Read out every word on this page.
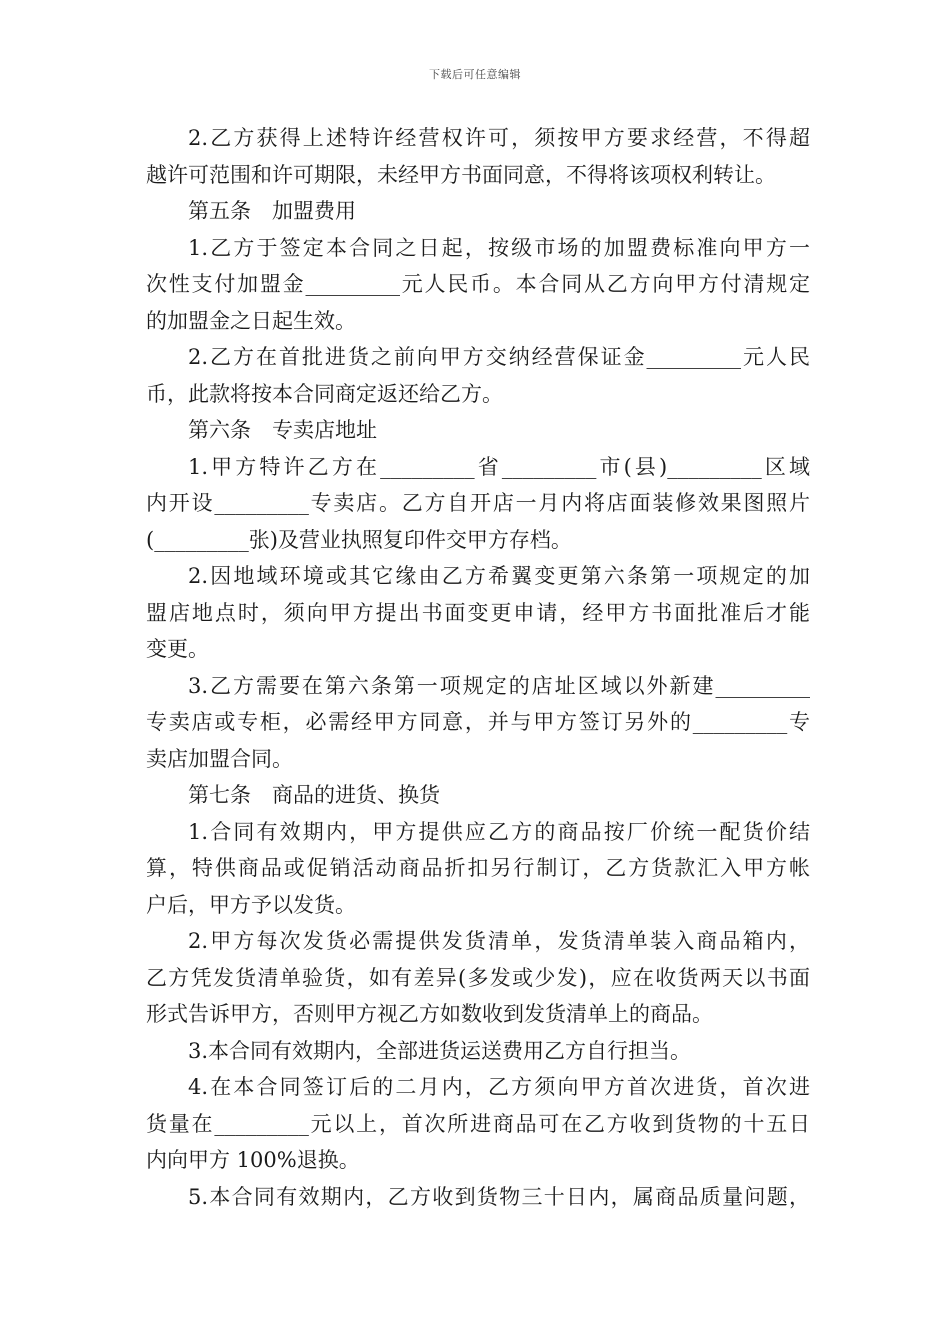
下载后可任意编辑
2.乙方获得上述特许经营权许可，须按甲方要求经营，不得超
越许可范围和许可期限，未经甲方书面同意，不得将该项权利转让。
第五条　加盟费用
1.乙方于签定本合同之日起，按级市场的加盟费标准向甲方一
次性支付加盟金_________元人民币。本合同从乙方向甲方付清规定
的加盟金之日起生效。
2.乙方在首批进货之前向甲方交纳经营保证金_________元人民
币，此款将按本合同商定返还给乙方。
第六条　专卖店地址
1.甲方特许乙方在_________省_________市(县)_________区域
内开设_________专卖店。乙方自开店一月内将店面装修效果图照片
(_________张)及营业执照复印件交甲方存档。
2.因地域环境或其它缘由乙方希翼变更第六条第一项规定的加
盟店地点时，须向甲方提出书面变更申请，经甲方书面批准后才能
变更。
3.乙方需要在第六条第一项规定的店址区域以外新建_________
专卖店或专柜，必需经甲方同意，并与甲方签订另外的_________专
卖店加盟合同。
第七条　商品的进货、换货
1.合同有效期内，甲方提供应乙方的商品按厂价统一配货价结
算，特供商品或促销活动商品折扣另行制订，乙方货款汇入甲方帐
户后，甲方予以发货。
2.甲方每次发货必需提供发货清单，发货清单装入商品箱内，
乙方凭发货清单验货，如有差异(多发或少发)，应在收货两天以书面
形式告诉甲方，否则甲方视乙方如数收到发货清单上的商品。
3.本合同有效期内，全部进货运送费用乙方自行担当。
4.在本合同签订后的二月内，乙方须向甲方首次进货，首次进
货量在_________元以上，首次所进商品可在乙方收到货物的十五日
内向甲方 100%退换。
5.本合同有效期内，乙方收到货物三十日内，属商品质量问题，
